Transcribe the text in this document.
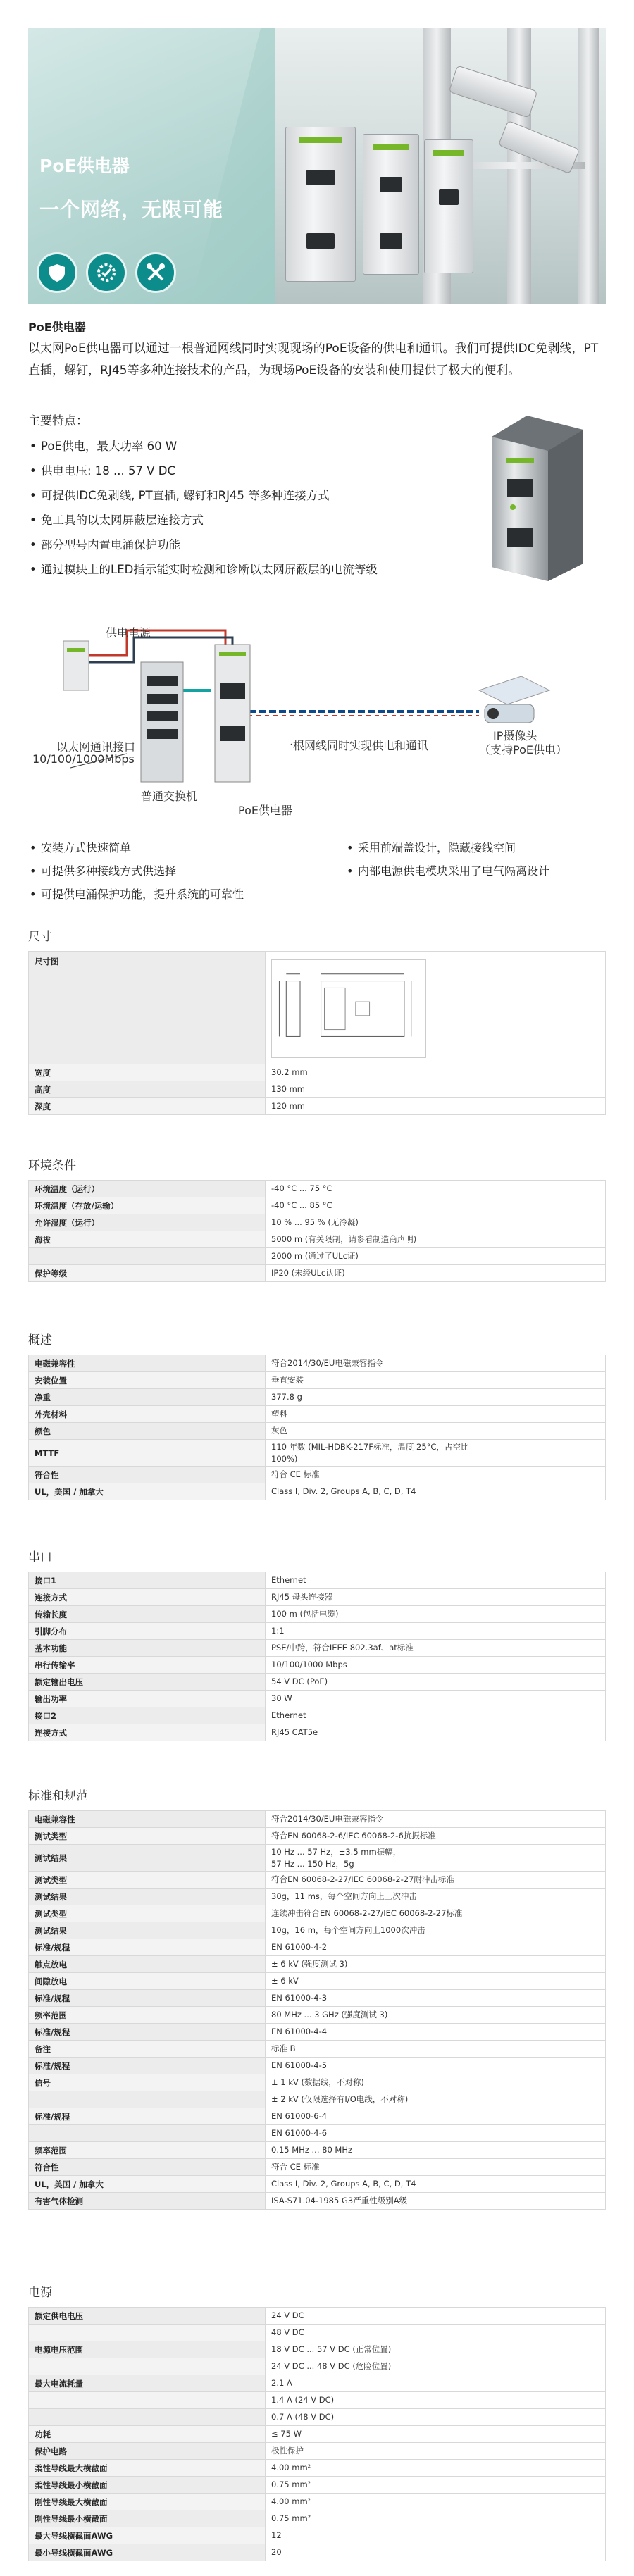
PoE供电器
一个网络，无限可能
PoE供电器
以太网PoE供电器可以通过一根普通网线同时实现现场的PoE设备的供电和通讯。我们可提供IDC免剥线，PT直插，螺钉，RJ45等多种连接技术的产品，为现场PoE设备的安装和使用提供了极大的便利。
主要特点：
• PoE供电，最大功率 60 W
• 供电电压: 18 ... 57 V DC
• 可提供IDC免剥线, PT直插, 螺钉和RJ45 等多种连接方式
• 免工具的以太网屏蔽层连接方式
• 部分型号内置电涌保护功能
• 通过模块上的LED指示能实时检测和诊断以太网屏蔽层的电流等级
供电电源
以太网通讯接口
10/100/1000Mbps
普通交换机
PoE供电器
一根网线同时实现供电和通讯
IP摄像头
（支持PoE供电）
• 安装方式快速简单
• 可提供多种接线方式供选择
• 可提供电涌保护功能，提升系统的可靠性
• 采用前端盖设计，隐藏接线空间
• 内部电源供电模块采用了电气隔离设计
尺寸
尺寸图	
宽度	30.2 mm

高度	130 mm

深度	120 mm
环境条件
环境温度（运行）	-40 °C ... 75 °C

环境温度（存放/运输）	-40 °C ... 85 °C

允许湿度（运行）	10 % ... 95 % (无冷凝)

海拔	5000 m (有关限制，请参看制造商声明)

	2000 m (通过了ULc证)

保护等级	IP20 (未经ULc认证)
概述
电磁兼容性	符合2014/30/EU电磁兼容指令

安装位置	垂直安装

净重	377.8 g

外壳材料	塑料

颜色	灰色

MTTF	110 年数 (MIL-HDBK-217F标准，温度 25°C，占空比
100%)

符合性	符合 CE 标准

UL，美国 / 加拿大	Class I, Div. 2, Groups A, B, C, D, T4
串口
接口1	Ethernet

连接方式	RJ45 母头连接器

传输长度	100 m (包括电缆)

引脚分布	1:1

基本功能	PSE/中跨，符合IEEE 802.3af、at标准

串行传输率	10/100/1000 Mbps

额定输出电压	54 V DC (PoE)

输出功率	30 W

接口2	Ethernet

连接方式	RJ45 CAT5e
标准和规范
电磁兼容性	符合2014/30/EU电磁兼容指令

测试类型	符合EN 60068-2-6/IEC 60068-2-6抗振标准

测试结果	10 Hz ... 57 Hz，±3.5 mm振幅，
57 Hz ... 150 Hz，5g

测试类型	符合EN 60068-2-27/IEC 60068-2-27耐冲击标准

测试结果	30g，11 ms，每个空间方向上三次冲击

测试类型	连续冲击符合EN 60068-2-27/IEC 60068-2-27标准

测试结果	10g，16 m，每个空间方向上1000次冲击

标准/规程	EN 61000-4-2

触点放电	± 6 kV (强度测试 3)

间隙放电	± 6 kV

标准/规程	EN 61000-4-3

频率范围	80 MHz ... 3 GHz (强度测试 3)

标准/规程	EN 61000-4-4

备注	标准 B

标准/规程	EN 61000-4-5

信号	± 1 kV (数据线，不对称)

	± 2 kV (仅限选择有I/O电线，不对称)

标准/规程	EN 61000-6-4

	EN 61000-4-6

频率范围	0.15 MHz ... 80 MHz

符合性	符合 CE 标准

UL，美国 / 加拿大	Class I, Div. 2, Groups A, B, C, D, T4

有害气体检测	ISA-S71.04-1985 G3严重性级别A级
电源
额定供电电压	24 V DC

	48 V DC

电源电压范围	18 V DC ... 57 V DC (正常位置)

	24 V DC ... 48 V DC (危险位置)

最大电流耗量	2.1 A

	1.4 A (24 V DC)

	0.7 A (48 V DC)

功耗	≤ 75 W

保护电路	极性保护

柔性导线最大横截面	4.00 mm²

柔性导线最小横截面	0.75 mm²

刚性导线最大横截面	4.00 mm²

刚性导线最小横截面	0.75 mm²

最大导线横截面AWG	12

最小导线横截面AWG	20
